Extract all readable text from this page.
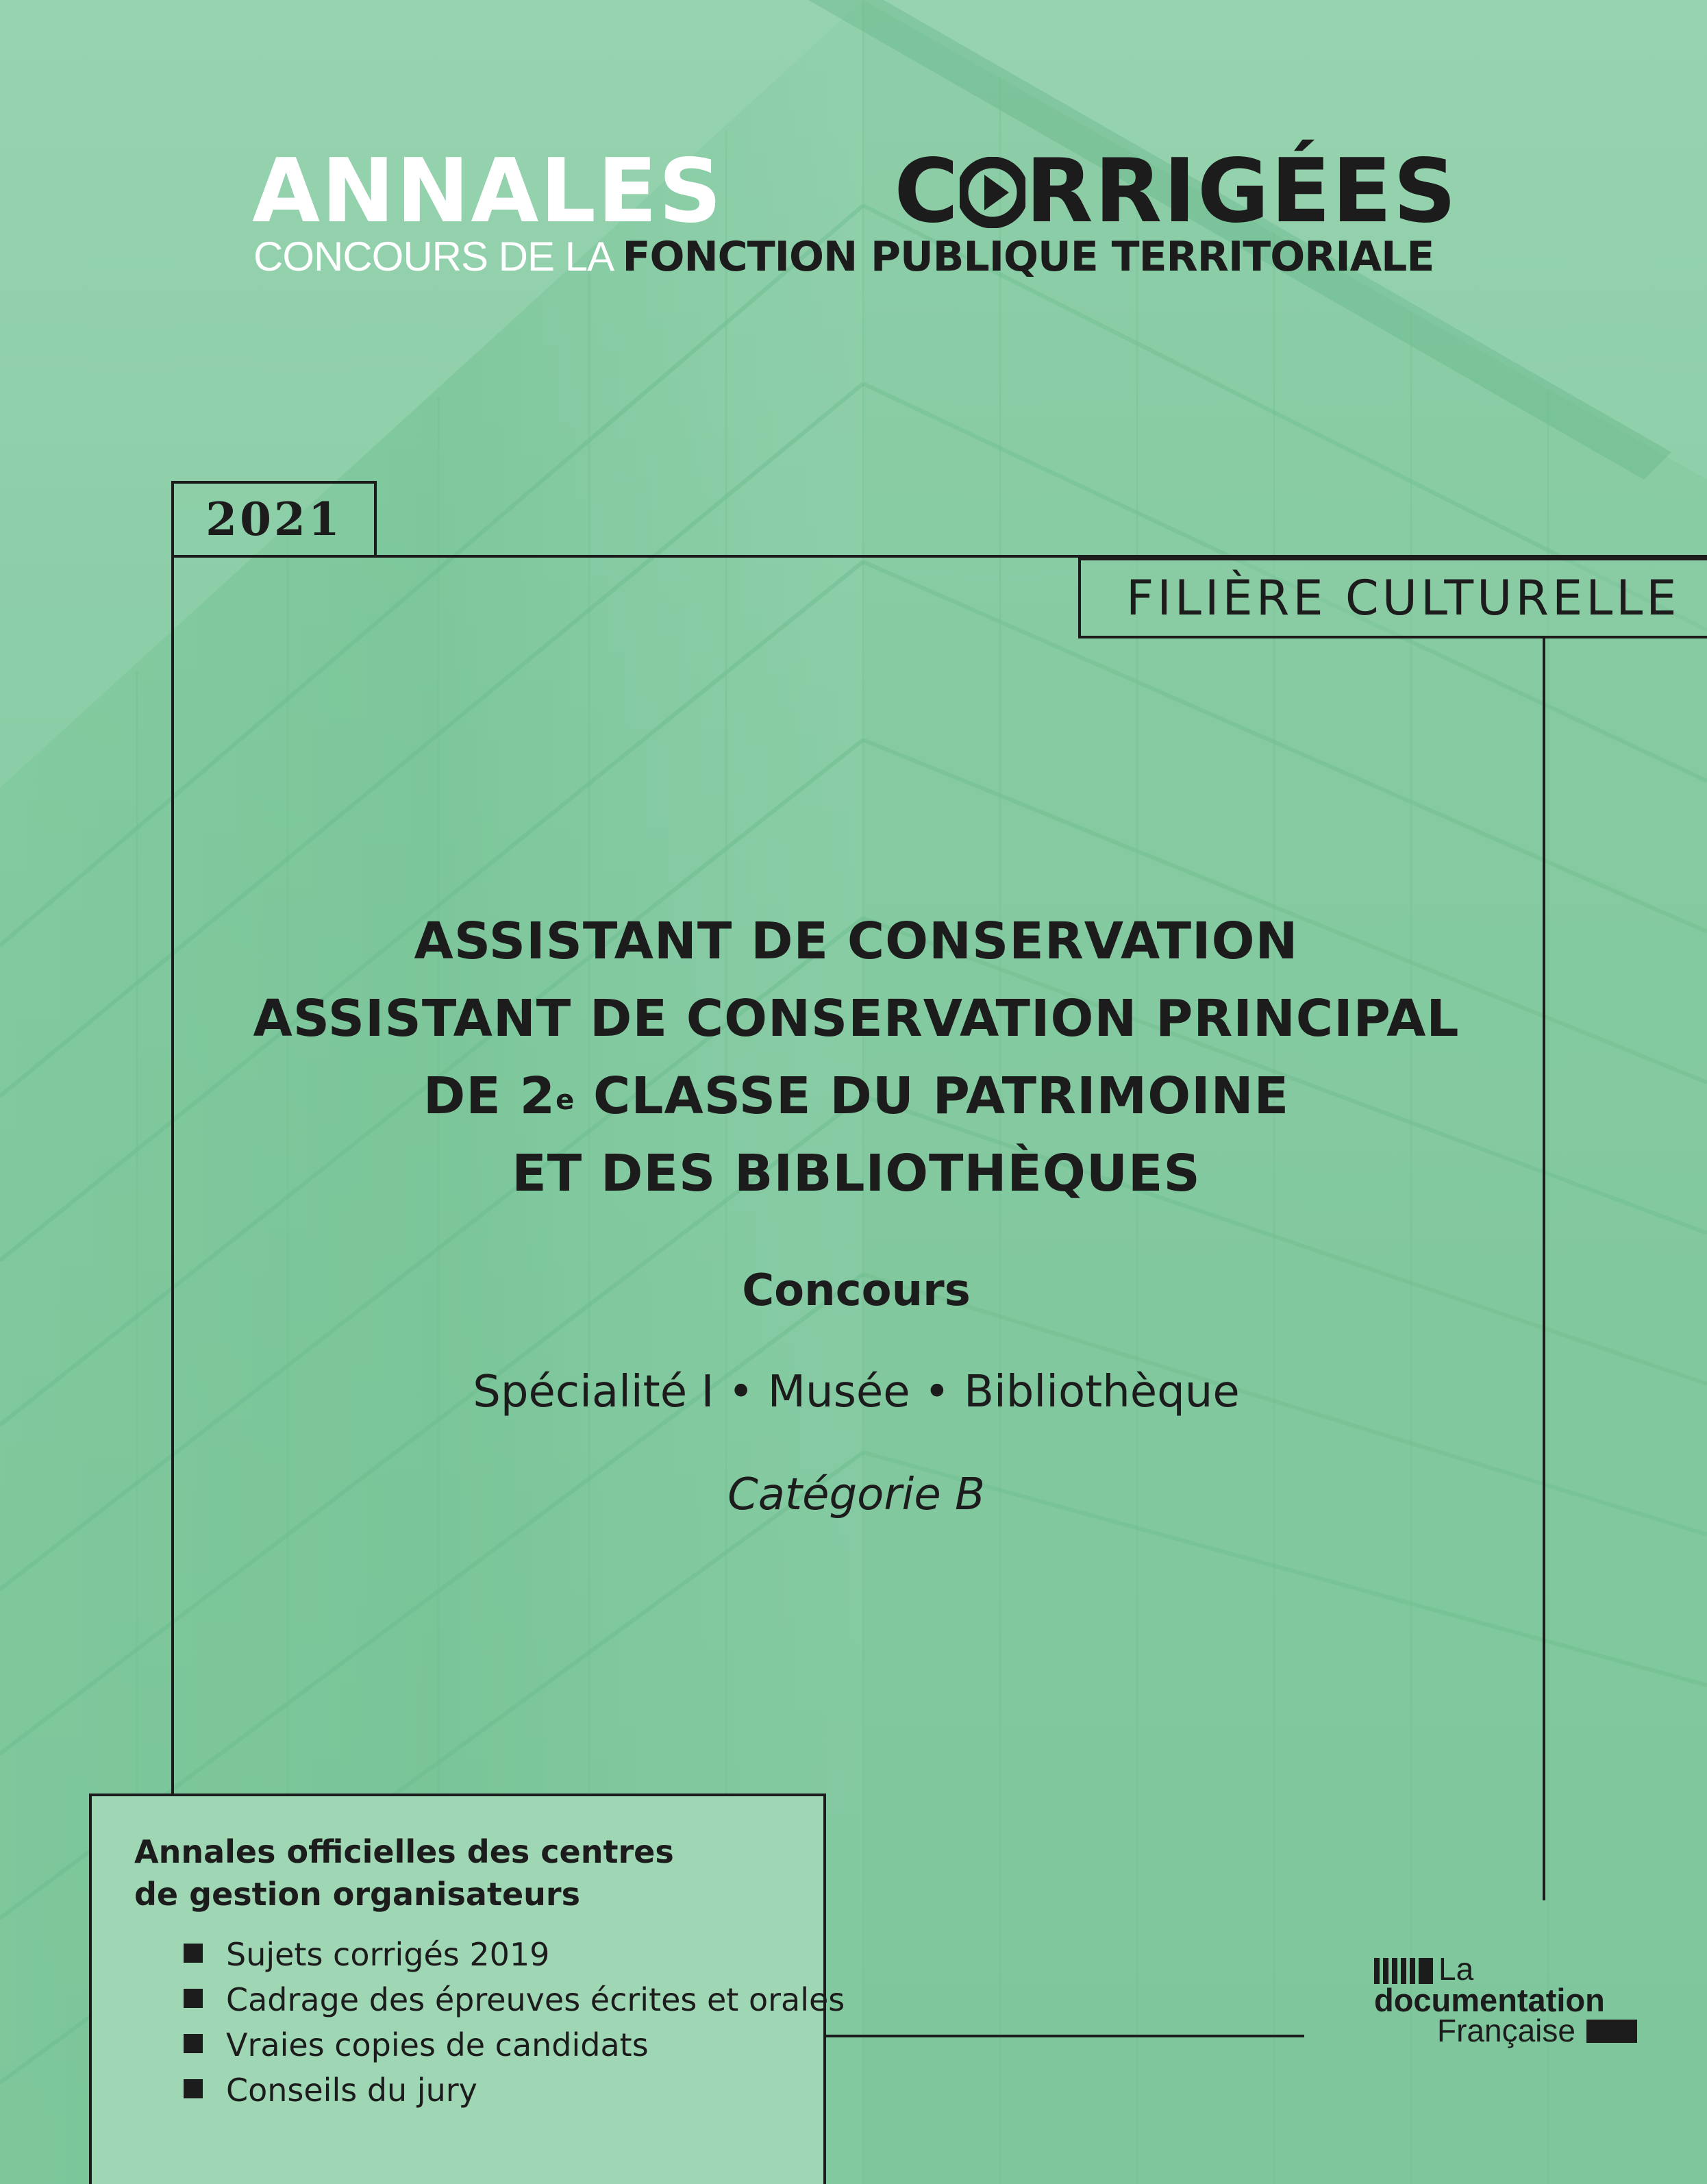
ANNALES C RRIGÉES
CONCOURS DE LA FONCTION PUBLIQUE TERRITORIALE
2021
FILIÈRE CULTURELLE
ASSISTANT DE CONSERVATION
ASSISTANT DE CONSERVATION PRINCIPAL
DE 2e CLASSE DU PATRIMOINE
ET DES BIBLIOTHÈQUES
Concours
Spécialité I • Musée • Bibliothèque
Catégorie B
Annales officielles des centres
de gestion organisateurs
Sujets corrigés 2019
Cadrage des épreuves écrites et orales
Vraies copies de candidats
Conseils du jury
La
documentation
Française
